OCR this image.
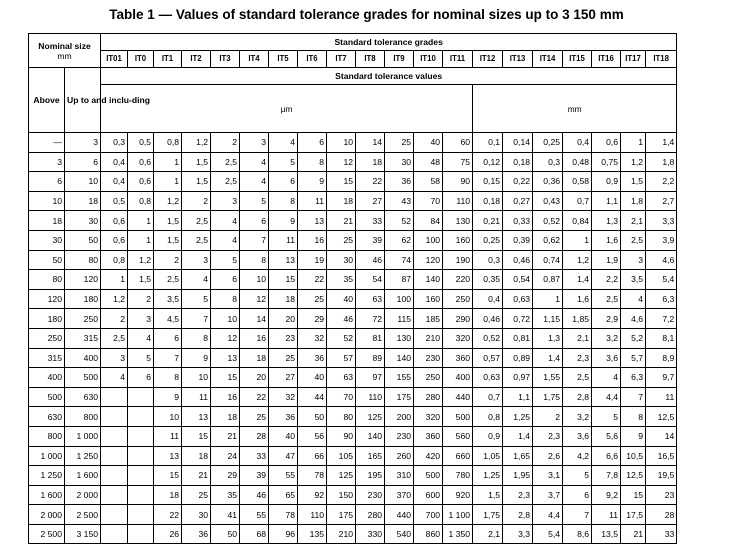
Table 1 — Values of standard tolerance grades for nominal sizes up to 3 150 mm
Nominal size
mm		Standard tolerance grades																			
		IT01	IT0	IT1	IT2	IT3	IT4	IT5	IT6	IT7	IT8	IT9	IT10	IT11	IT12	IT13	IT14	IT15	IT16	IT17	IT18
Above	Up to and inclu-ding	Standard tolerance values																			
		μm													mm						
—	3	0,3	0,5	0,8	1,2	2	3	4	6	10	14	25	40	60	0,1	0,14	0,25	0,4	0,6	1	1,4
3	6	0,4	0,6	1	1,5	2,5	4	5	8	12	18	30	48	75	0,12	0,18	0,3	0,48	0,75	1,2	1,8
6	10	0,4	0,6	1	1,5	2,5	4	6	9	15	22	36	58	90	0,15	0,22	0,36	0,58	0,9	1,5	2,2
10	18	0,5	0,8	1,2	2	3	5	8	11	18	27	43	70	110	0,18	0,27	0,43	0,7	1,1	1,8	2,7
18	30	0,6	1	1,5	2,5	4	6	9	13	21	33	52	84	130	0,21	0,33	0,52	0,84	1,3	2,1	3,3
30	50	0,6	1	1,5	2,5	4	7	11	16	25	39	62	100	160	0,25	0,39	0,62	1	1,6	2,5	3,9
50	80	0,8	1,2	2	3	5	8	13	19	30	46	74	120	190	0,3	0,46	0,74	1,2	1,9	3	4,6
80	120	1	1,5	2,5	4	6	10	15	22	35	54	87	140	220	0,35	0,54	0,87	1,4	2,2	3,5	5,4
120	180	1,2	2	3,5	5	8	12	18	25	40	63	100	160	250	0,4	0,63	1	1,6	2,5	4	6,3
180	250	2	3	4,5	7	10	14	20	29	46	72	115	185	290	0,46	0,72	1,15	1,85	2,9	4,6	7,2
250	315	2,5	4	6	8	12	16	23	32	52	81	130	210	320	0,52	0,81	1,3	2,1	3,2	5,2	8,1
315	400	3	5	7	9	13	18	25	36	57	89	140	230	360	0,57	0,89	1,4	2,3	3,6	5,7	8,9
400	500	4	6	8	10	15	20	27	40	63	97	155	250	400	0,63	0,97	1,55	2,5	4	6,3	9,7
500	630			9	11	16	22	32	44	70	110	175	280	440	0,7	1,1	1,75	2,8	4,4	7	11
630	800			10	13	18	25	36	50	80	125	200	320	500	0,8	1,25	2	3,2	5	8	12,5
800	1 000			11	15	21	28	40	56	90	140	230	360	560	0,9	1,4	2,3	3,6	5,6	9	14
1 000	1 250			13	18	24	33	47	66	105	165	260	420	660	1,05	1,65	2,6	4,2	6,6	10,5	16,5
1 250	1 600			15	21	29	39	55	78	125	195	310	500	780	1,25	1,95	3,1	5	7,8	12,5	19,5
1 600	2 000			18	25	35	46	65	92	150	230	370	600	920	1,5	2,3	3,7	6	9,2	15	23
2 000	2 500			22	30	41	55	78	110	175	280	440	700	1 100	1,75	2,8	4,4	7	11	17,5	28
2 500	3 150			26	36	50	68	96	135	210	330	540	860	1 350	2,1	3,3	5,4	8,6	13,5	21	33
